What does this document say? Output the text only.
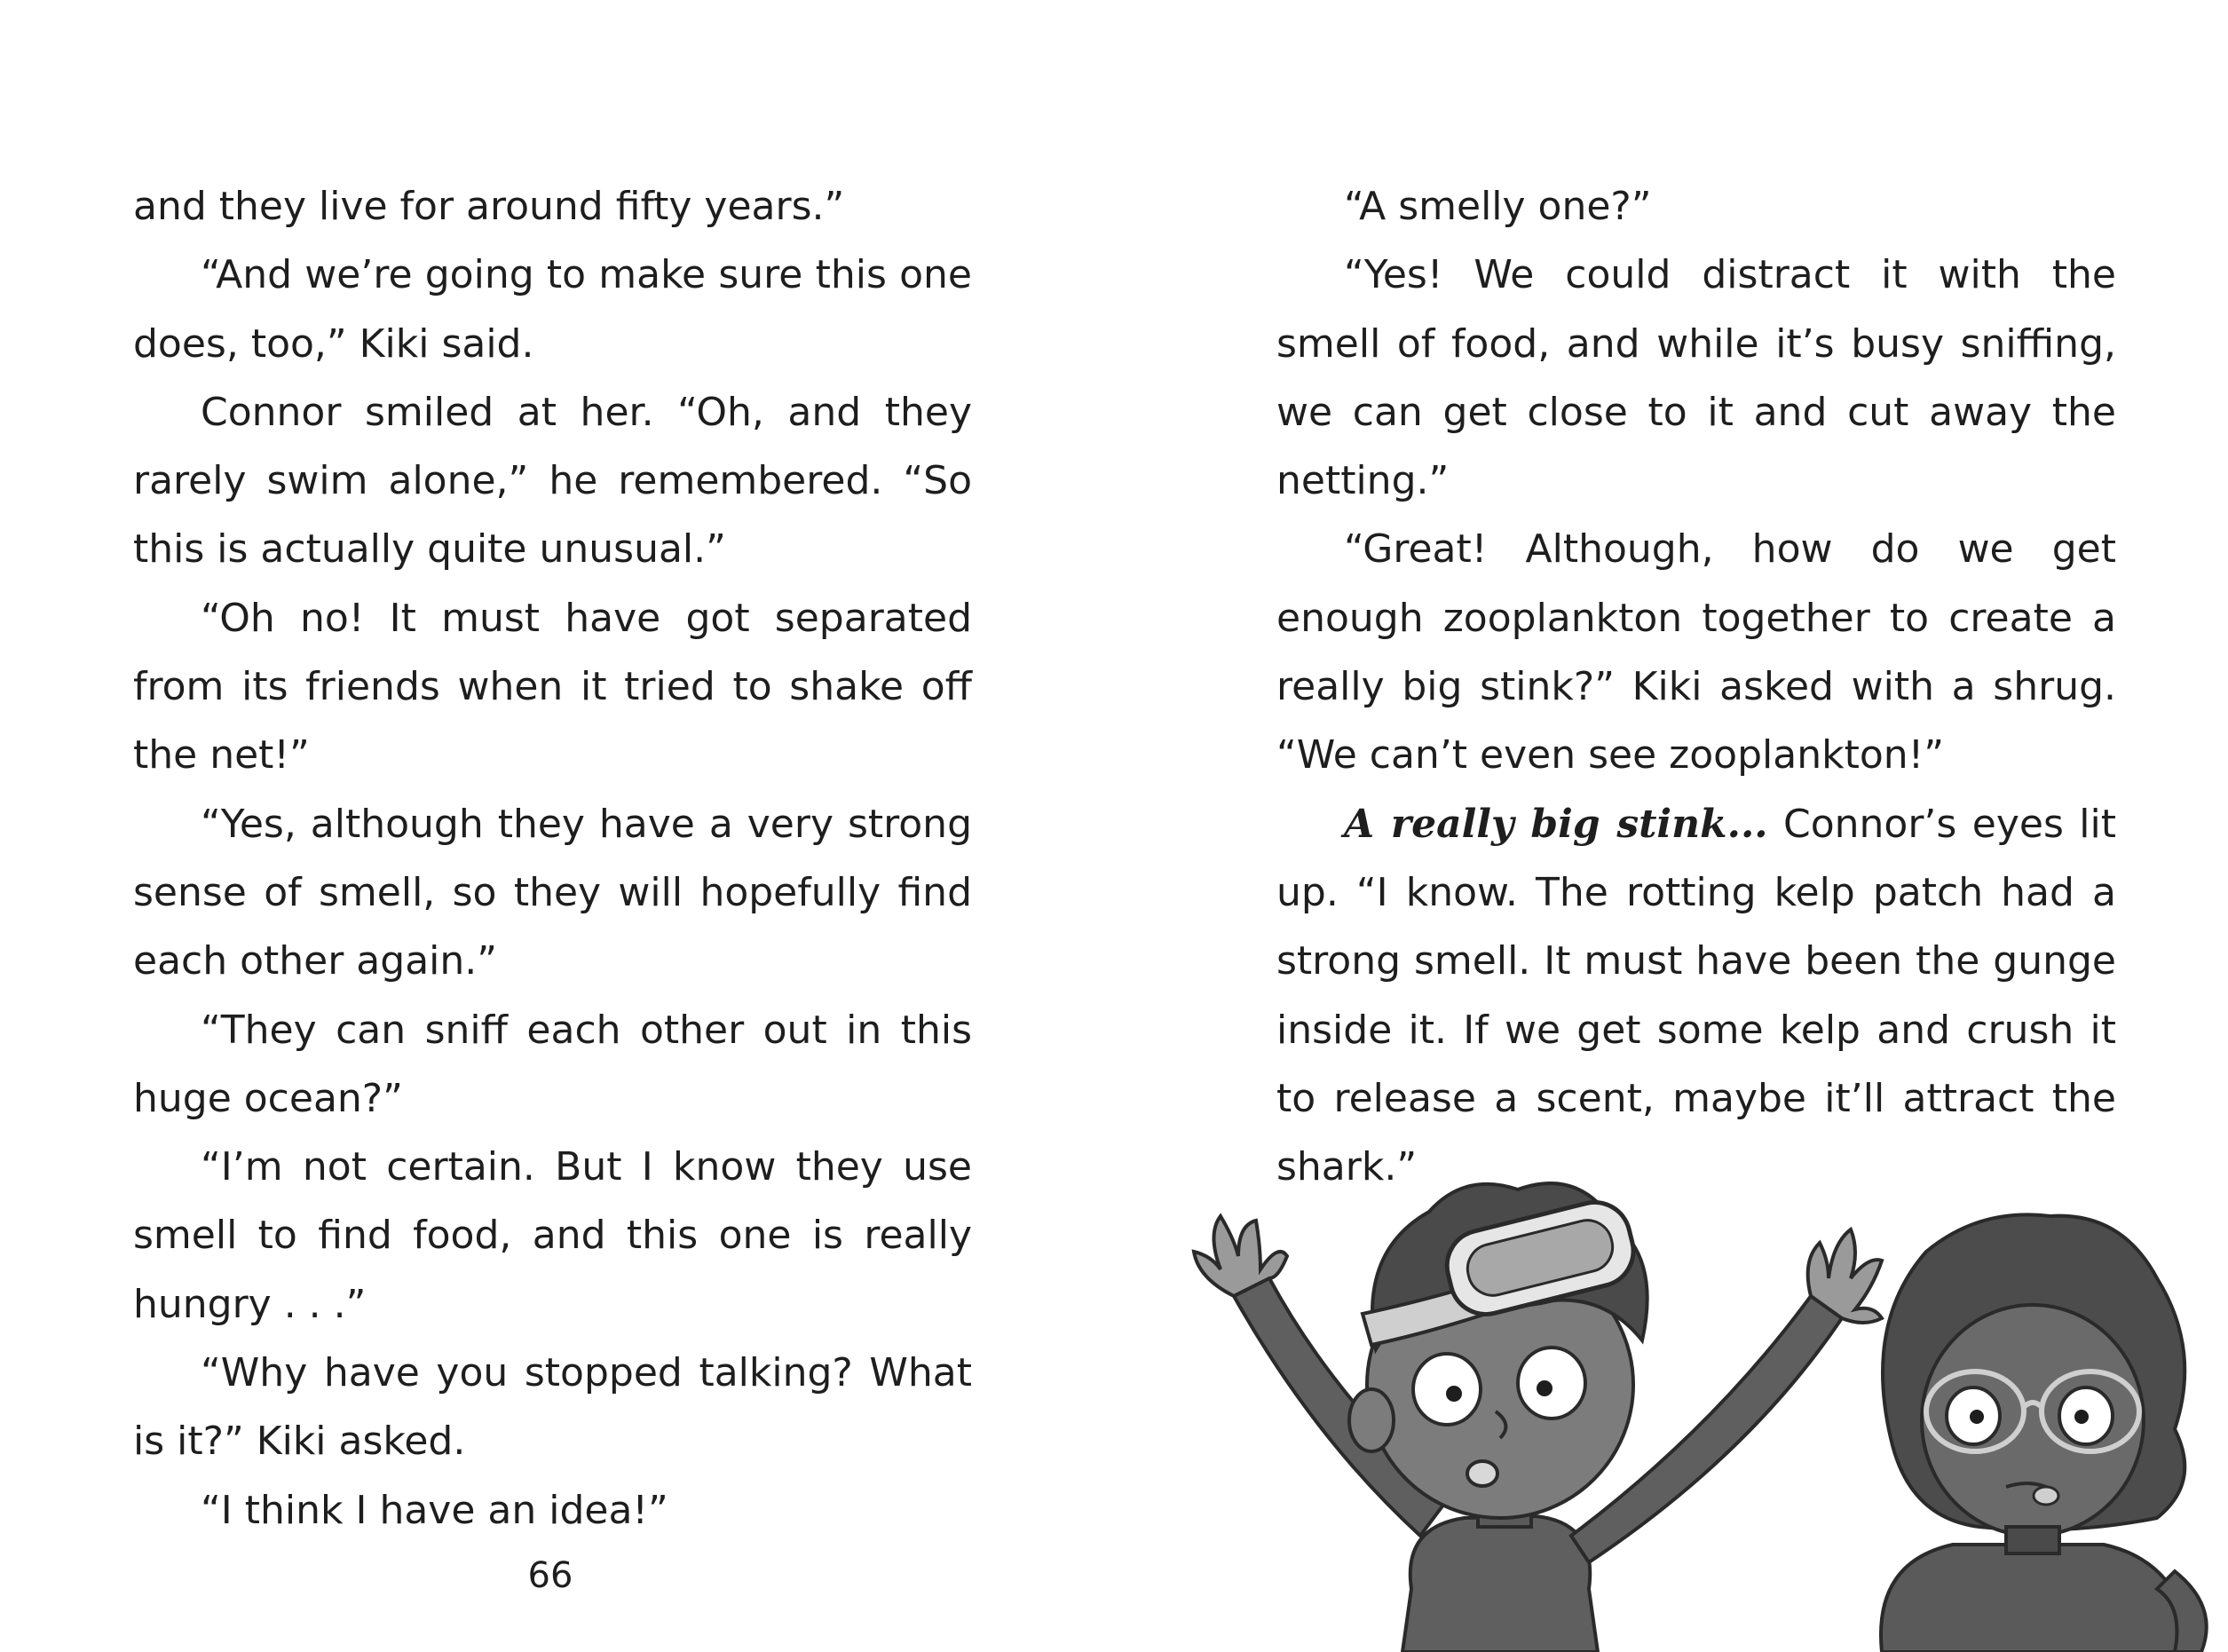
and they live for around fifty years.”

“And we’re going to make sure this one does, too,” Kiki said.

Connor smiled at her. “Oh, and they rarely swim alone,” he remembered. “So this is actually quite unusual.”

“Oh no! It must have got separated from its friends when it tried to shake off the net!”

“Yes, although they have a very strong sense of smell, so they will hopefully find each other again.”

“They can sniff each other out in this huge ocean?”

“I’m not certain. But I know they use smell to find food, and this one is really hungry . . .”

“Why have you stopped talking? What is it?” Kiki asked.

“I think I have an idea!”

66

“A smelly one?”

“Yes! We could distract it with the smell of food, and while it’s busy sniffing, we can get close to it and cut away the netting.”

“Great! Although, how do we get enough zooplankton together to create a really big stink?” Kiki asked with a shrug. “We can’t even see zooplankton!”

A really big stink... Connor’s eyes lit up. “I know. The rotting kelp patch had a strong smell. It must have been the gunge inside it. If we get some kelp and crush it to release a scent, maybe it’ll attract the shark.”
